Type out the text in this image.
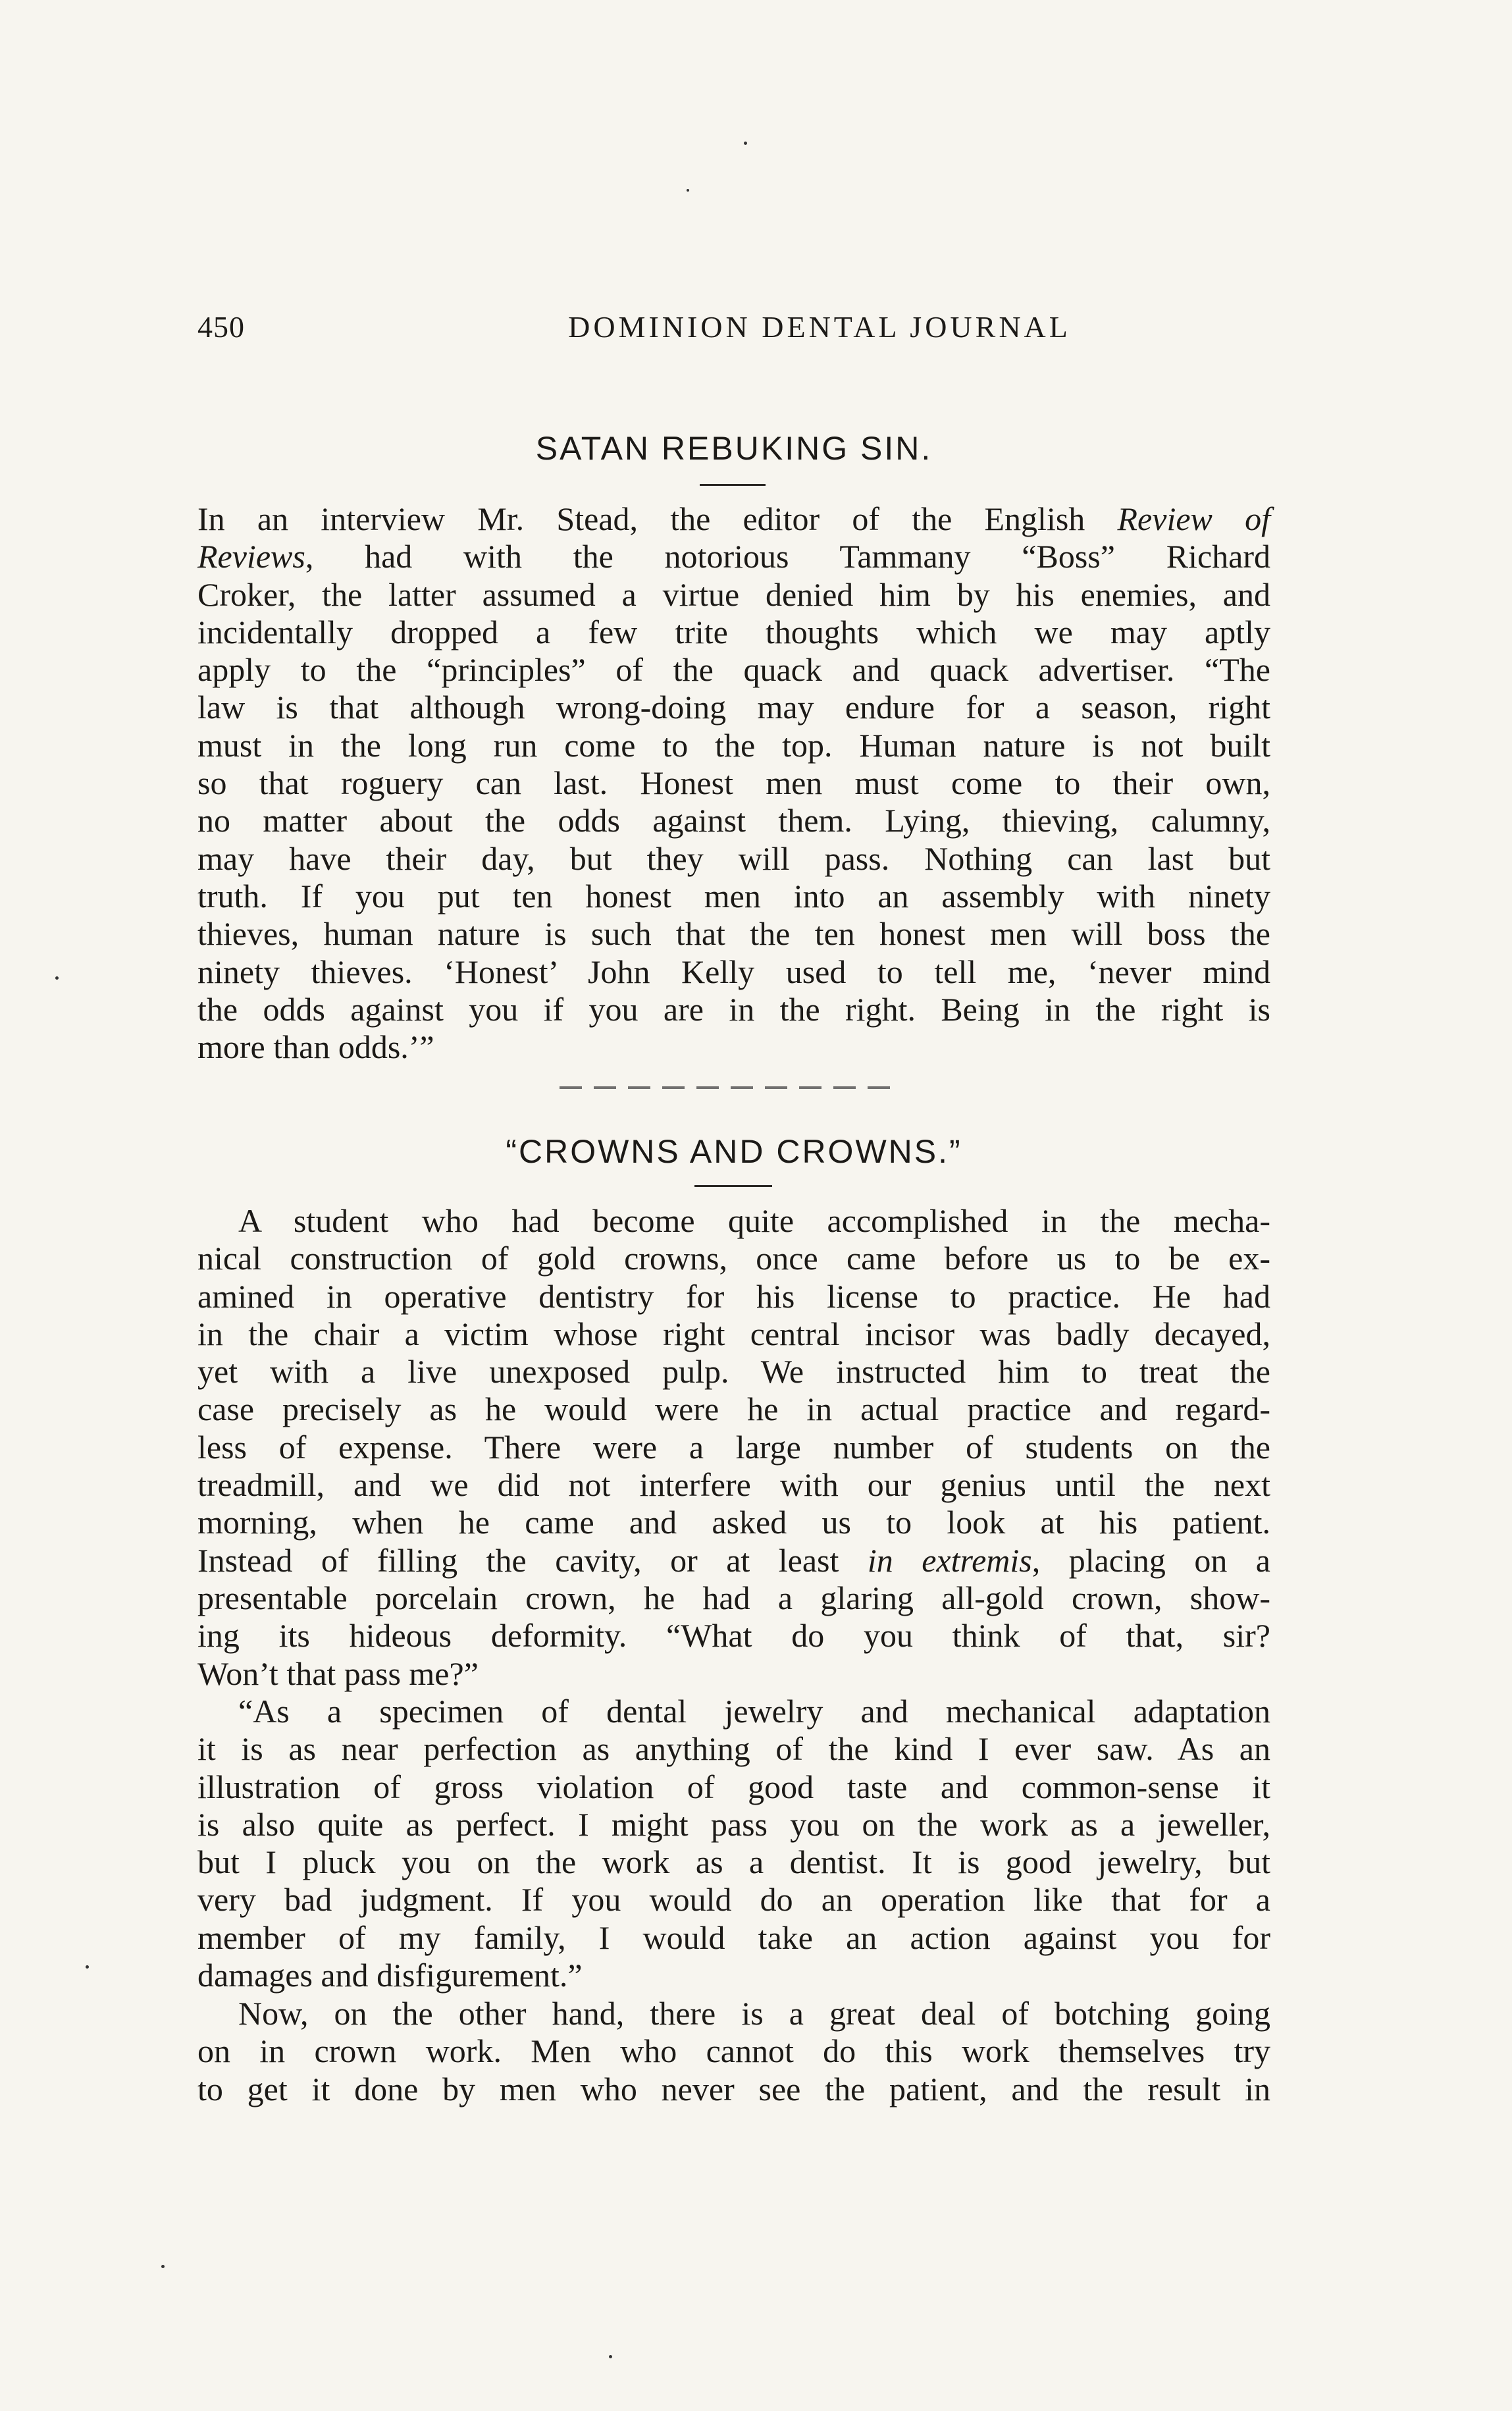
450	DOMINION DENTAL JOURNAL
SATAN REBUKING SIN.
In an interview Mr. Stead, the editor of the English Review of
Reviews, had with the notorious Tammany “Boss” Richard
Croker, the latter assumed a virtue denied him by his enemies, and
incidentally dropped a few trite thoughts which we may aptly
apply to the “principles” of the quack and quack advertiser. “The
law is that although wrong-doing may endure for a season, right
must in the long run come to the top. Human nature is not built
so that roguery can last. Honest men must come to their own,
no matter about the odds against them. Lying, thieving, calumny,
may have their day, but they will pass. Nothing can last but
truth. If you put ten honest men into an assembly with ninety
thieves, human nature is such that the ten honest men will boss the
ninety thieves. ‘Honest’ John Kelly used to tell me, ‘never mind
the odds against you if you are in the right. Being in the right is
more than odds.’”
“CROWNS AND CROWNS.”
A student who had become quite accomplished in the mecha-
nical construction of gold crowns, once came before us to be ex-
amined in operative dentistry for his license to practice. He had
in the chair a victim whose right central incisor was badly decayed,
yet with a live unexposed pulp. We instructed him to treat the
case precisely as he would were he in actual practice and regard-
less of expense. There were a large number of students on the
treadmill, and we did not interfere with our genius until the next
morning, when he came and asked us to look at his patient.
Instead of filling the cavity, or at least in extremis, placing on a
presentable porcelain crown, he had a glaring all-gold crown, show-
ing its hideous deformity. “What do you think of that, sir?
Won’t that pass me?”
“As a specimen of dental jewelry and mechanical adaptation
it is as near perfection as anything of the kind I ever saw. As an
illustration of gross violation of good taste and common-sense it
is also quite as perfect. I might pass you on the work as a jeweller,
but I pluck you on the work as a dentist. It is good jewelry, but
very bad judgment. If you would do an operation like that for a
member of my family, I would take an action against you for
damages and disfigurement.”
Now, on the other hand, there is a great deal of botching going
on in crown work. Men who cannot do this work themselves try
to get it done by men who never see the patient, and the result in
